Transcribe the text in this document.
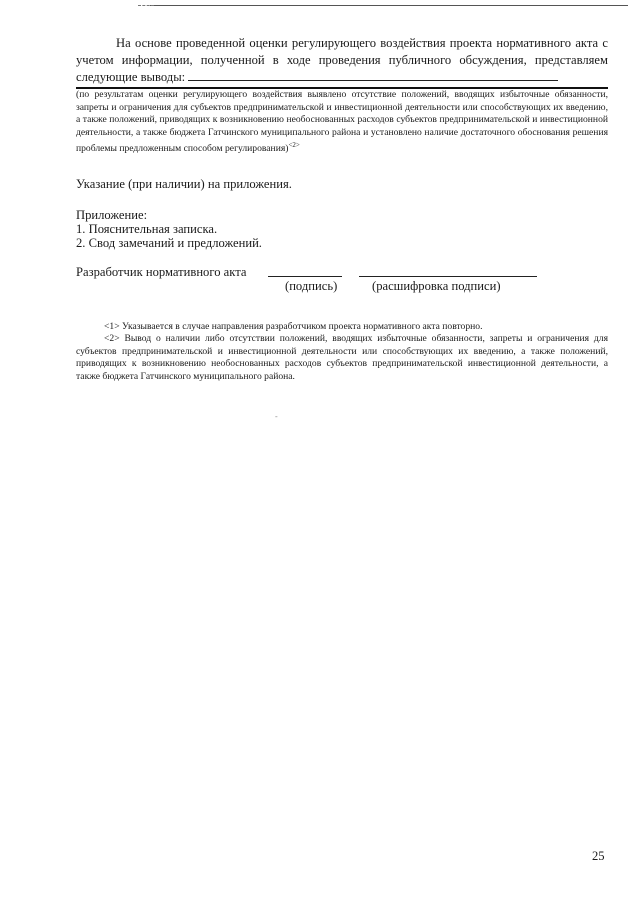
На основе проведенной оценки регулирующего воздействия проекта нормативного акта с учетом информации, полученной в ходе проведения публичного обсуждения, представляем следующие выводы:

(по результатам оценки регулирующего воздействия выявлено отсутствие положений, вводящих избыточные обязанности, запреты и ограничения для субъектов предпринимательской и инвестиционной деятельности или способствующих их введению, а также положений, приводящих к возникновению необоснованных расходов субъектов предпринимательской и инвестиционной деятельности, а также бюджета Гатчинского муниципального района и установлено наличие достаточного обоснования решения проблемы предложенным способом регулирования)$^{<2>}$

Указание (при наличии) на приложения.
Приложение:
1. Пояснительная записка.
2. Свод замечаний и предложений.
Разработчик нормативного акта
(подпись)	(расшифровка подписи)

<1> Указывается в случае направления разработчиком проекта нормативного акта повторно.

<2> Вывод о наличии либо отсутствии положений, вводящих избыточные обязанности, запреты и ограничения для субъектов предпринимательской и инвестиционной деятельности или способствующих их введению, а также положений, приводящих к возникновению необоснованных расходов субъектов предпринимательской инвестиционной деятельности, а также бюджета Гатчинского муниципального района.

-
25
